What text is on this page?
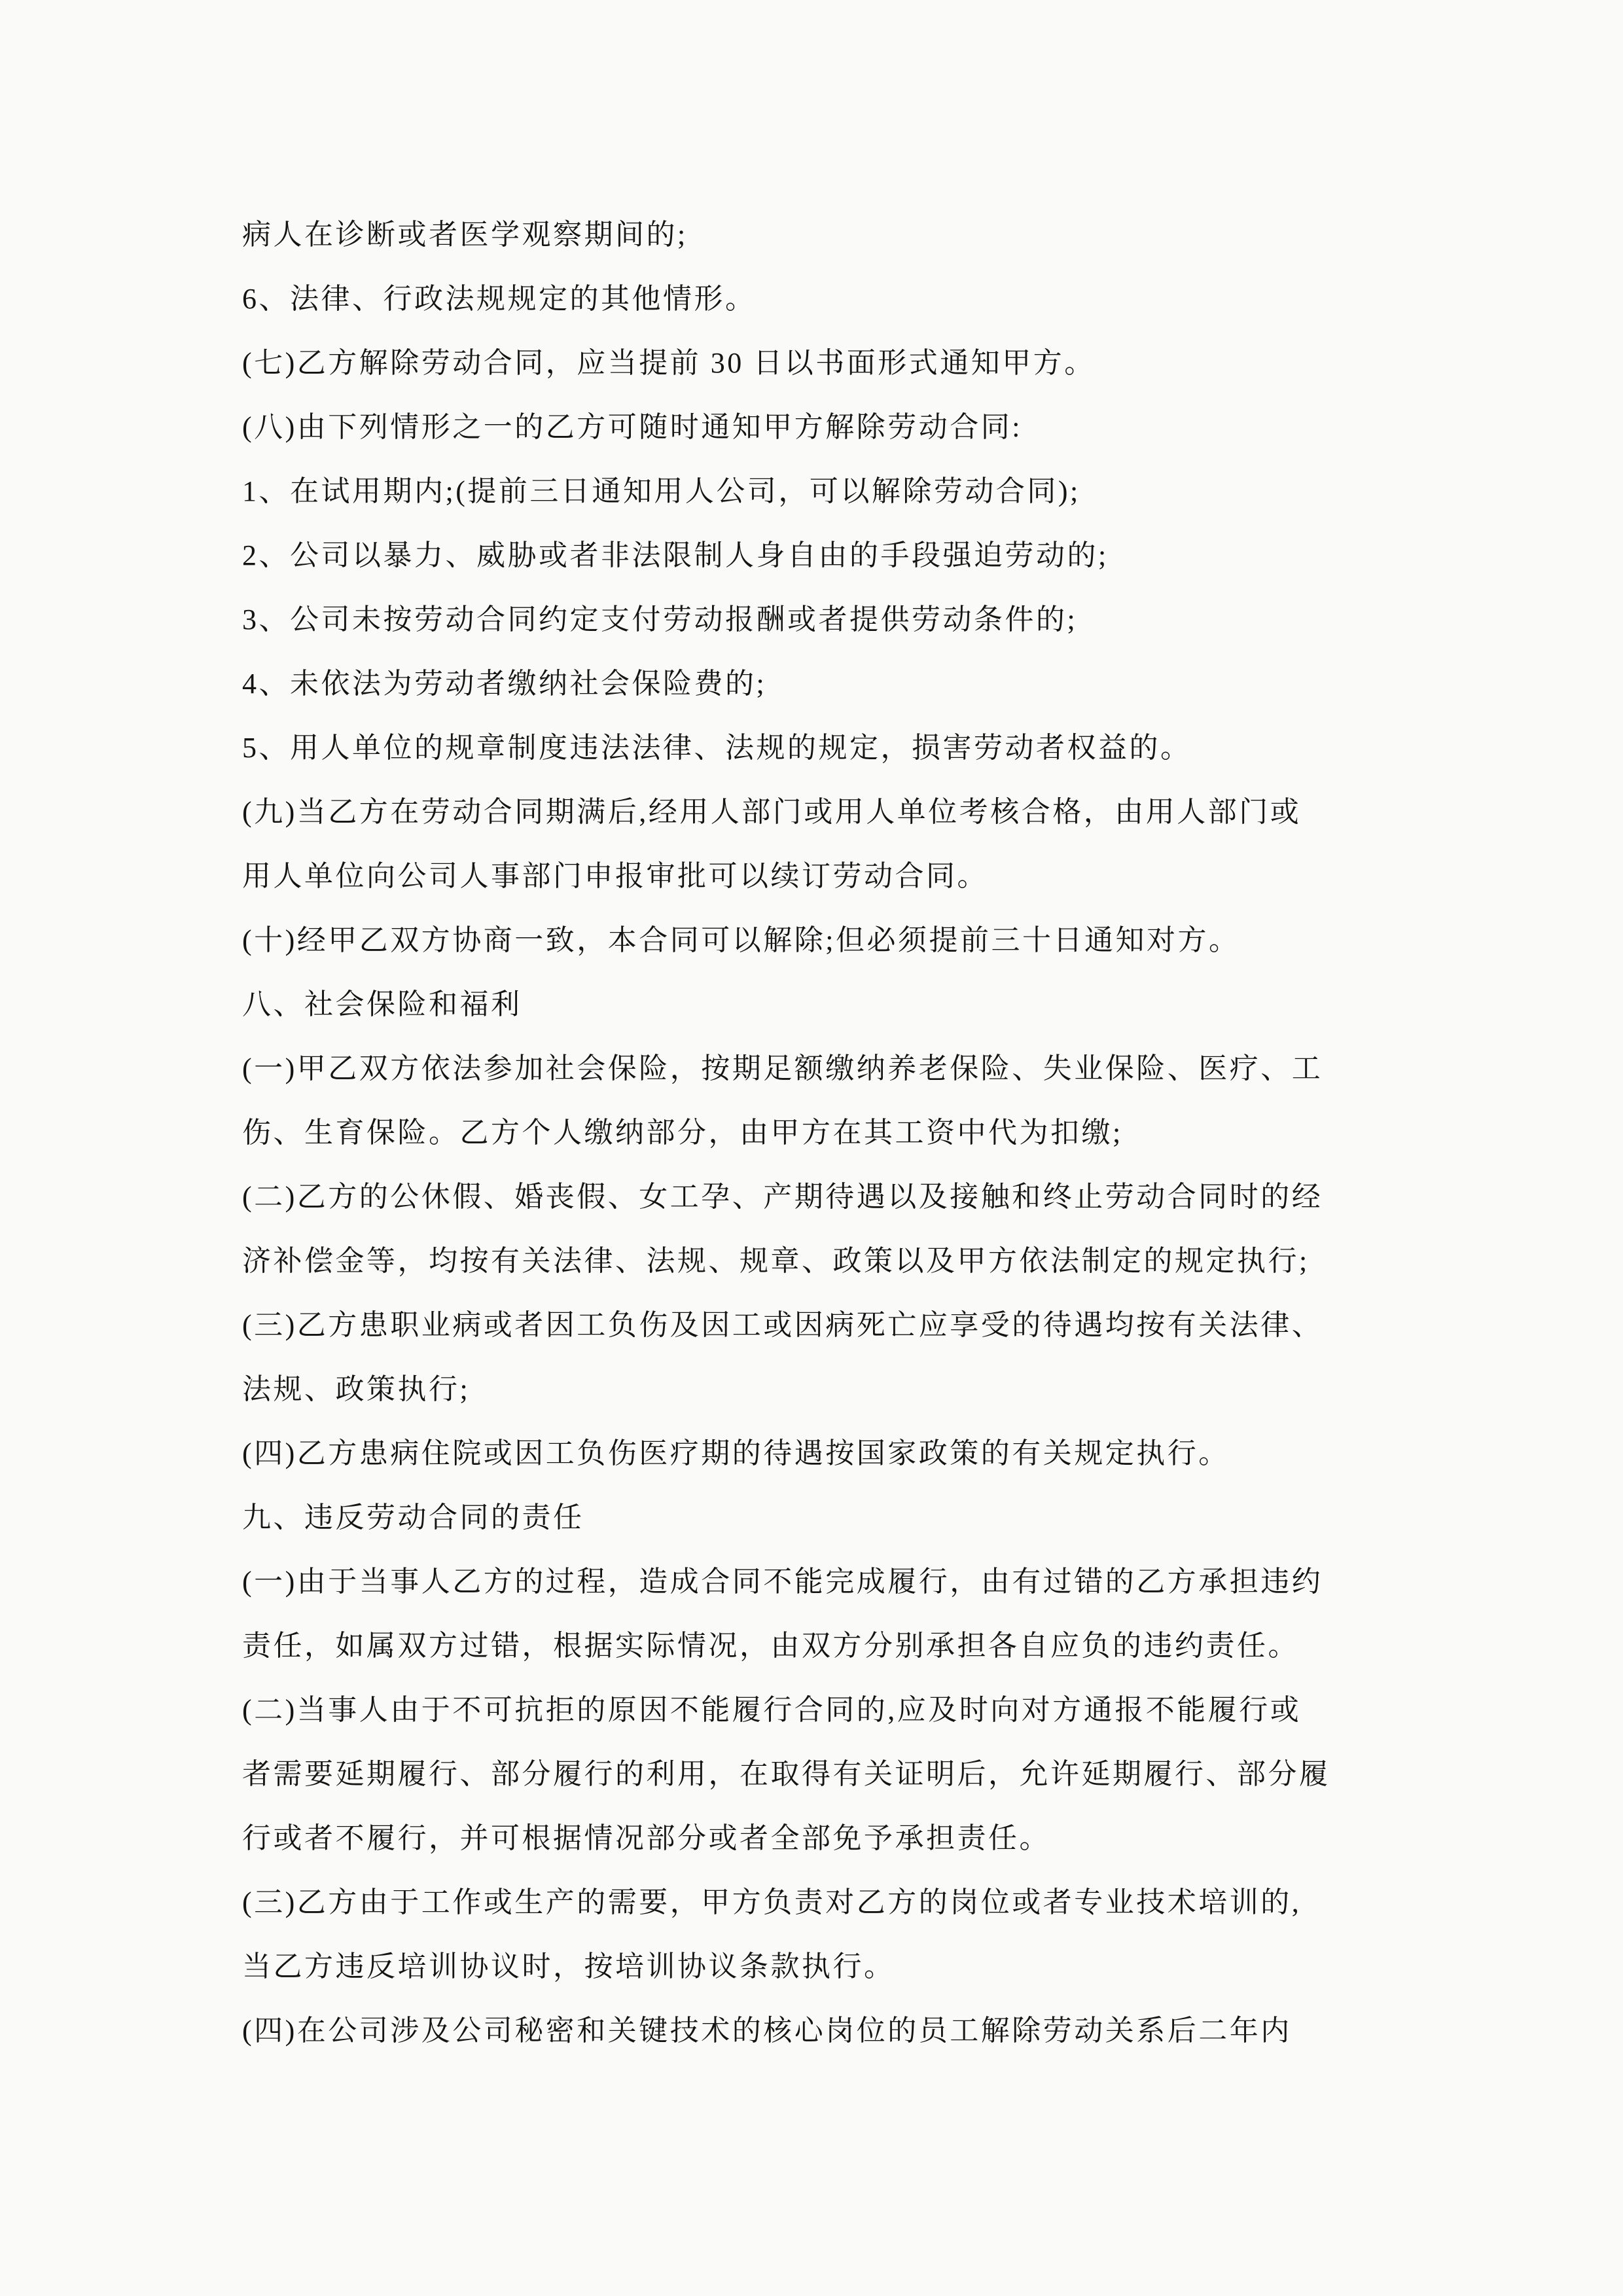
病人在诊断或者医学观察期间的;
6、法律、行政法规规定的其他情形。
(七)乙方解除劳动合同，应当提前 30 日以书面形式通知甲方。
(八)由下列情形之一的乙方可随时通知甲方解除劳动合同:
1、在试用期内;(提前三日通知用人公司，可以解除劳动合同);
2、公司以暴力、威胁或者非法限制人身自由的手段强迫劳动的;
3、公司未按劳动合同约定支付劳动报酬或者提供劳动条件的;
4、未依法为劳动者缴纳社会保险费的;
5、用人单位的规章制度违法法律、法规的规定，损害劳动者权益的。
(九)当乙方在劳动合同期满后,经用人部门或用人单位考核合格，由用人部门或
用人单位向公司人事部门申报审批可以续订劳动合同。
(十)经甲乙双方协商一致，本合同可以解除;但必须提前三十日通知对方。
八、社会保险和福利
(一)甲乙双方依法参加社会保险，按期足额缴纳养老保险、失业保险、医疗、工
伤、生育保险。乙方个人缴纳部分，由甲方在其工资中代为扣缴;
(二)乙方的公休假、婚丧假、女工孕、产期待遇以及接触和终止劳动合同时的经
济补偿金等，均按有关法律、法规、规章、政策以及甲方依法制定的规定执行;
(三)乙方患职业病或者因工负伤及因工或因病死亡应享受的待遇均按有关法律、
法规、政策执行;
(四)乙方患病住院或因工负伤医疗期的待遇按国家政策的有关规定执行。
九、违反劳动合同的责任
(一)由于当事人乙方的过程，造成合同不能完成履行，由有过错的乙方承担违约
责任，如属双方过错，根据实际情况，由双方分别承担各自应负的违约责任。
(二)当事人由于不可抗拒的原因不能履行合同的,应及时向对方通报不能履行或
者需要延期履行、部分履行的利用，在取得有关证明后，允许延期履行、部分履
行或者不履行，并可根据情况部分或者全部免予承担责任。
(三)乙方由于工作或生产的需要，甲方负责对乙方的岗位或者专业技术培训的,
当乙方违反培训协议时，按培训协议条款执行。
(四)在公司涉及公司秘密和关键技术的核心岗位的员工解除劳动关系后二年内
